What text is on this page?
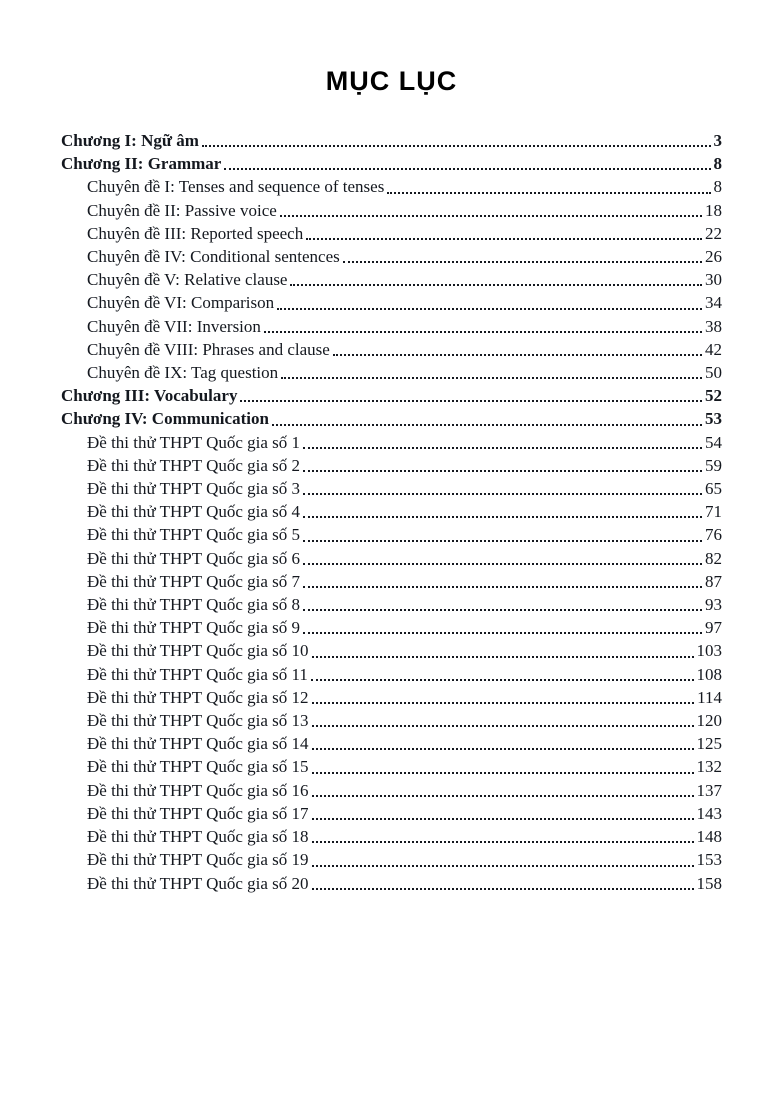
MỤC LỤC
Chương I: Ngữ âm	3
Chương II: Grammar	8
Chuyên đề I: Tenses and sequence of tenses	8
Chuyên đề II: Passive voice	18
Chuyên đề III: Reported speech	22
Chuyên đề IV: Conditional sentences	26
Chuyên đề V: Relative clause	30
Chuyên đề VI: Comparison	34
Chuyên đề VII: Inversion	38
Chuyên đề VIII: Phrases and clause	42
Chuyên đề IX: Tag question	50
Chương III: Vocabulary	52
Chương IV: Communication	53
Đề thi thử THPT Quốc gia số 1	54
Đề thi thử THPT Quốc gia số 2	59
Đề thi thử THPT Quốc gia số 3	65
Đề thi thử THPT Quốc gia số 4	71
Đề thi thử THPT Quốc gia số 5	76
Đề thi thử THPT Quốc gia số 6	82
Đề thi thử THPT Quốc gia số 7	87
Đề thi thử THPT Quốc gia số 8	93
Đề thi thử THPT Quốc gia số 9	97
Đề thi thử THPT Quốc gia số 10	103
Đề thi thử THPT Quốc gia số 11	108
Đề thi thử THPT Quốc gia số 12	114
Đề thi thử THPT Quốc gia số 13	120
Đề thi thử THPT Quốc gia số 14	125
Đề thi thử THPT Quốc gia số 15	132
Đề thi thử THPT Quốc gia số 16	137
Đề thi thử THPT Quốc gia số 17	143
Đề thi thử THPT Quốc gia số 18	148
Đề thi thử THPT Quốc gia số 19	153
Đề thi thử THPT Quốc gia số 20	158
